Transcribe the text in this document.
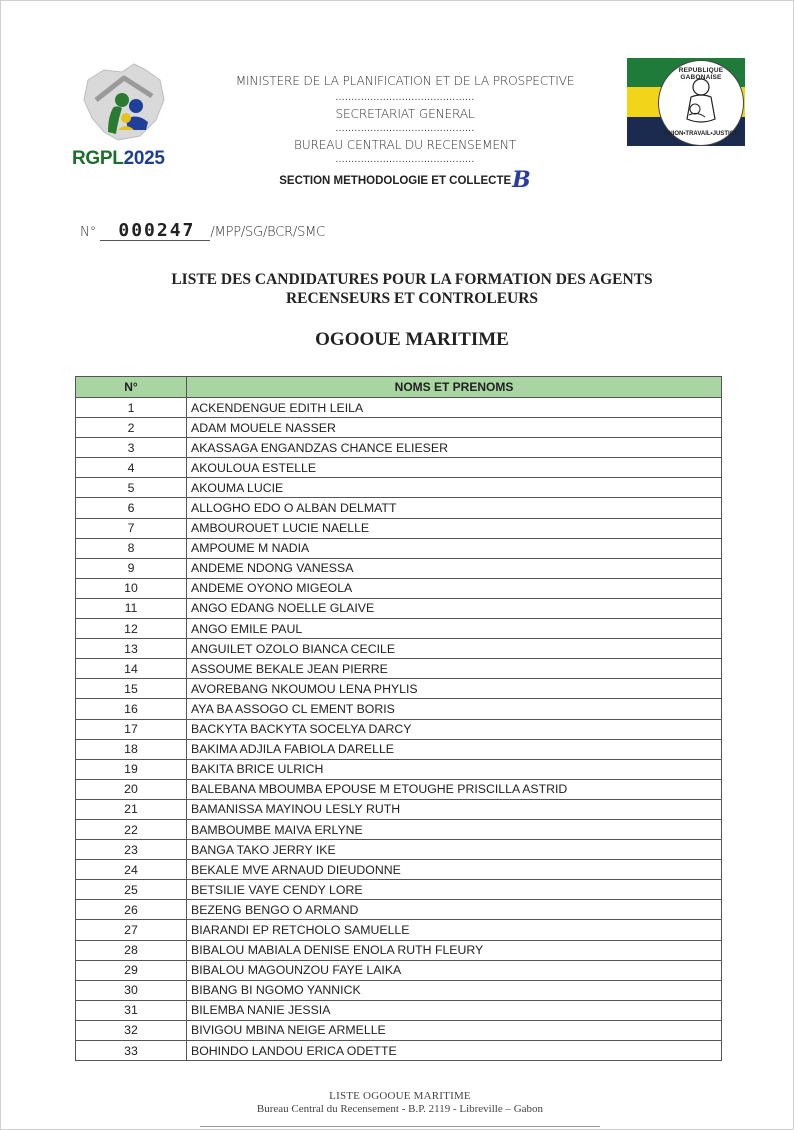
RGPL2025
MINISTERE DE LA PLANIFICATION ET DE LA PROSPECTIVE
............................................
SECRETARIAT GENERAL
............................................
BUREAU CENTRAL DU RECENSEMENT
............................................
SECTION METHODOLOGIE ET COLLECTEB
REPUBLIQUE GABONAISE
UNION•TRAVAIL•JUSTICE
N° 000247 /MPP/SG/BCR/SMC
LISTE DES CANDIDATURES POUR LA FORMATION DES AGENTS
RECENSEURS ET CONTROLEURS
OGOOUE MARITIME
N°	NOMS ET PRENOMS
1	ACKENDENGUE EDITH LEILA
2	ADAM MOUELE NASSER
3	AKASSAGA ENGANDZAS CHANCE ELIESER
4	AKOULOUA ESTELLE
5	AKOUMA LUCIE
6	ALLOGHO EDO O ALBAN DELMATT
7	AMBOUROUET LUCIE NAELLE
8	AMPOUME M NADIA
9	ANDEME NDONG VANESSA
10	ANDEME OYONO MIGEOLA
11	ANGO EDANG NOELLE GLAIVE
12	ANGO EMILE PAUL
13	ANGUILET OZOLO BIANCA CECILE
14	ASSOUME BEKALE JEAN PIERRE
15	AVOREBANG NKOUMOU LENA PHYLIS
16	AYA BA ASSOGO CL EMENT BORIS
17	BACKYTA BACKYTA SOCELYA DARCY
18	BAKIMA ADJILA FABIOLA DARELLE
19	BAKITA BRICE ULRICH
20	BALEBANA MBOUMBA EPOUSE M ETOUGHE PRISCILLA ASTRID
21	BAMANISSA MAYINOU LESLY RUTH
22	BAMBOUMBE MAIVA ERLYNE
23	BANGA TAKO JERRY IKE
24	BEKALE MVE ARNAUD DIEUDONNE
25	BETSILIE VAYE CENDY LORE
26	BEZENG BENGO O ARMAND
27	BIARANDI EP RETCHOLO SAMUELLE
28	BIBALOU MABIALA DENISE ENOLA RUTH FLEURY
29	BIBALOU MAGOUNZOU FAYE LAIKA
30	BIBANG BI NGOMO YANNICK
31	BILEMBA NANIE JESSIA
32	BIVIGOU MBINA NEIGE ARMELLE
33	BOHINDO LANDOU ERICA ODETTE
LISTE OGOOUE MARITIME
Bureau Central du Recensement - B.P. 2119 - Libreville – Gabon
